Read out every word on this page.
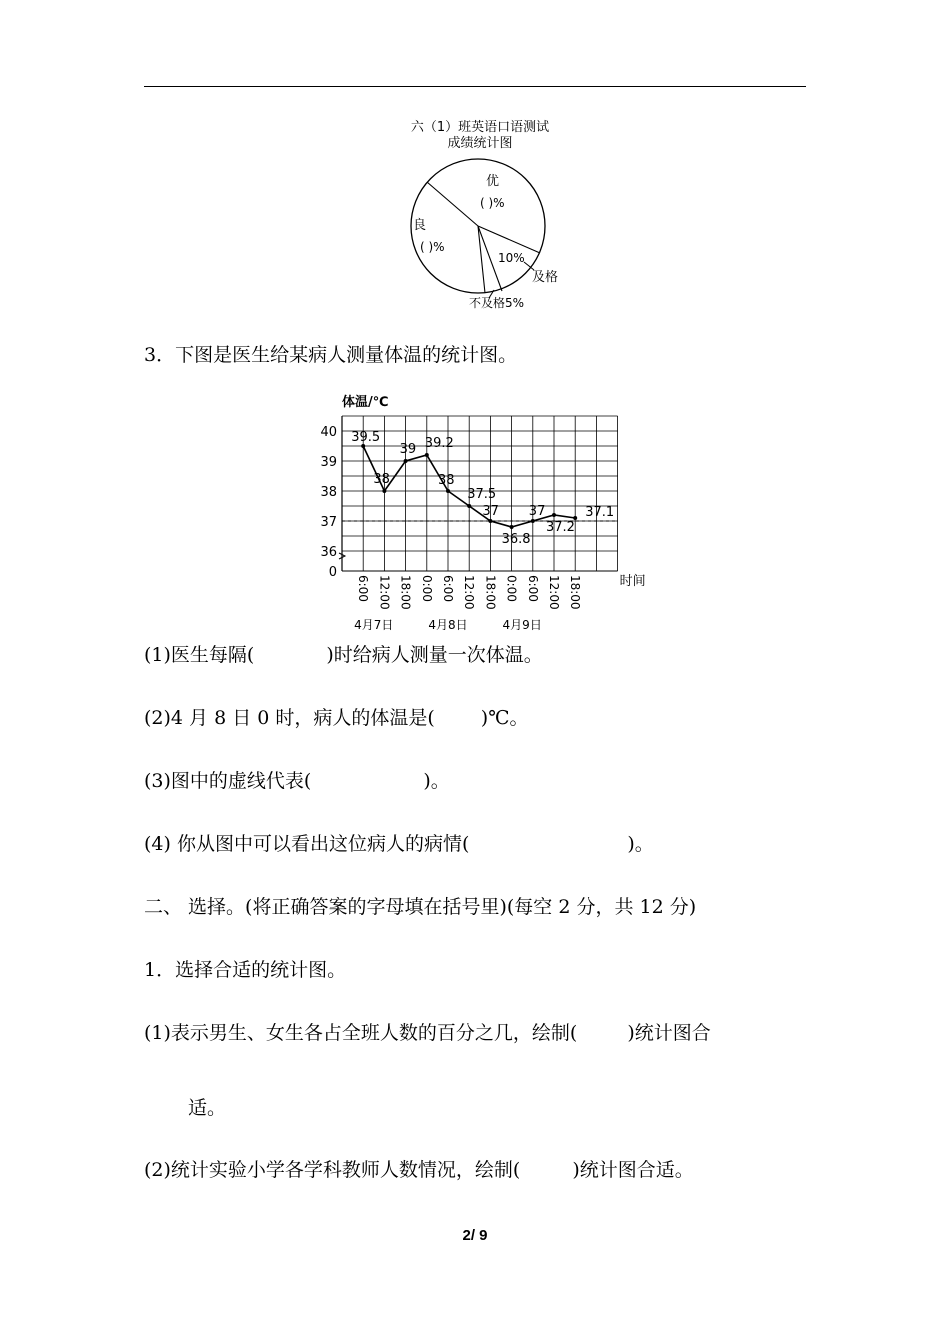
六（1）班英语口语测试
成绩统计图
优
( )%
良
( )%
10%
及格
不及格5%
3．下图是医生给某病人测量体温的统计图。
体温/℃
40
39
38
37
36
0
6:00 12:00 18:00 0:00 6:00 12:00 18:00 0:00 6:00 12:00 18:00	时间
4月7日	4月8日	4月9日
39.5
38
39 39.2
38
37.5
37
36.8
37
37.2
37.1
(1)医生每隔(	)时给病人测量一次体温。
(2)4 月 8 日 0 时，病人的体温是( )℃。
(3)图中的虚线代表(	)。
(4) 你从图中可以看出这位病人的病情(	)。
二、 选择。(将正确答案的字母填在括号里)(每空 2 分，共 12 分)
1．选择合适的统计图。
(1)表示男生、女生各占全班人数的百分之几，绘制(	)统计图合
适。
(2)统计实验小学各学科教师人数情况，绘制(	)统计图合适。
2/ 9
